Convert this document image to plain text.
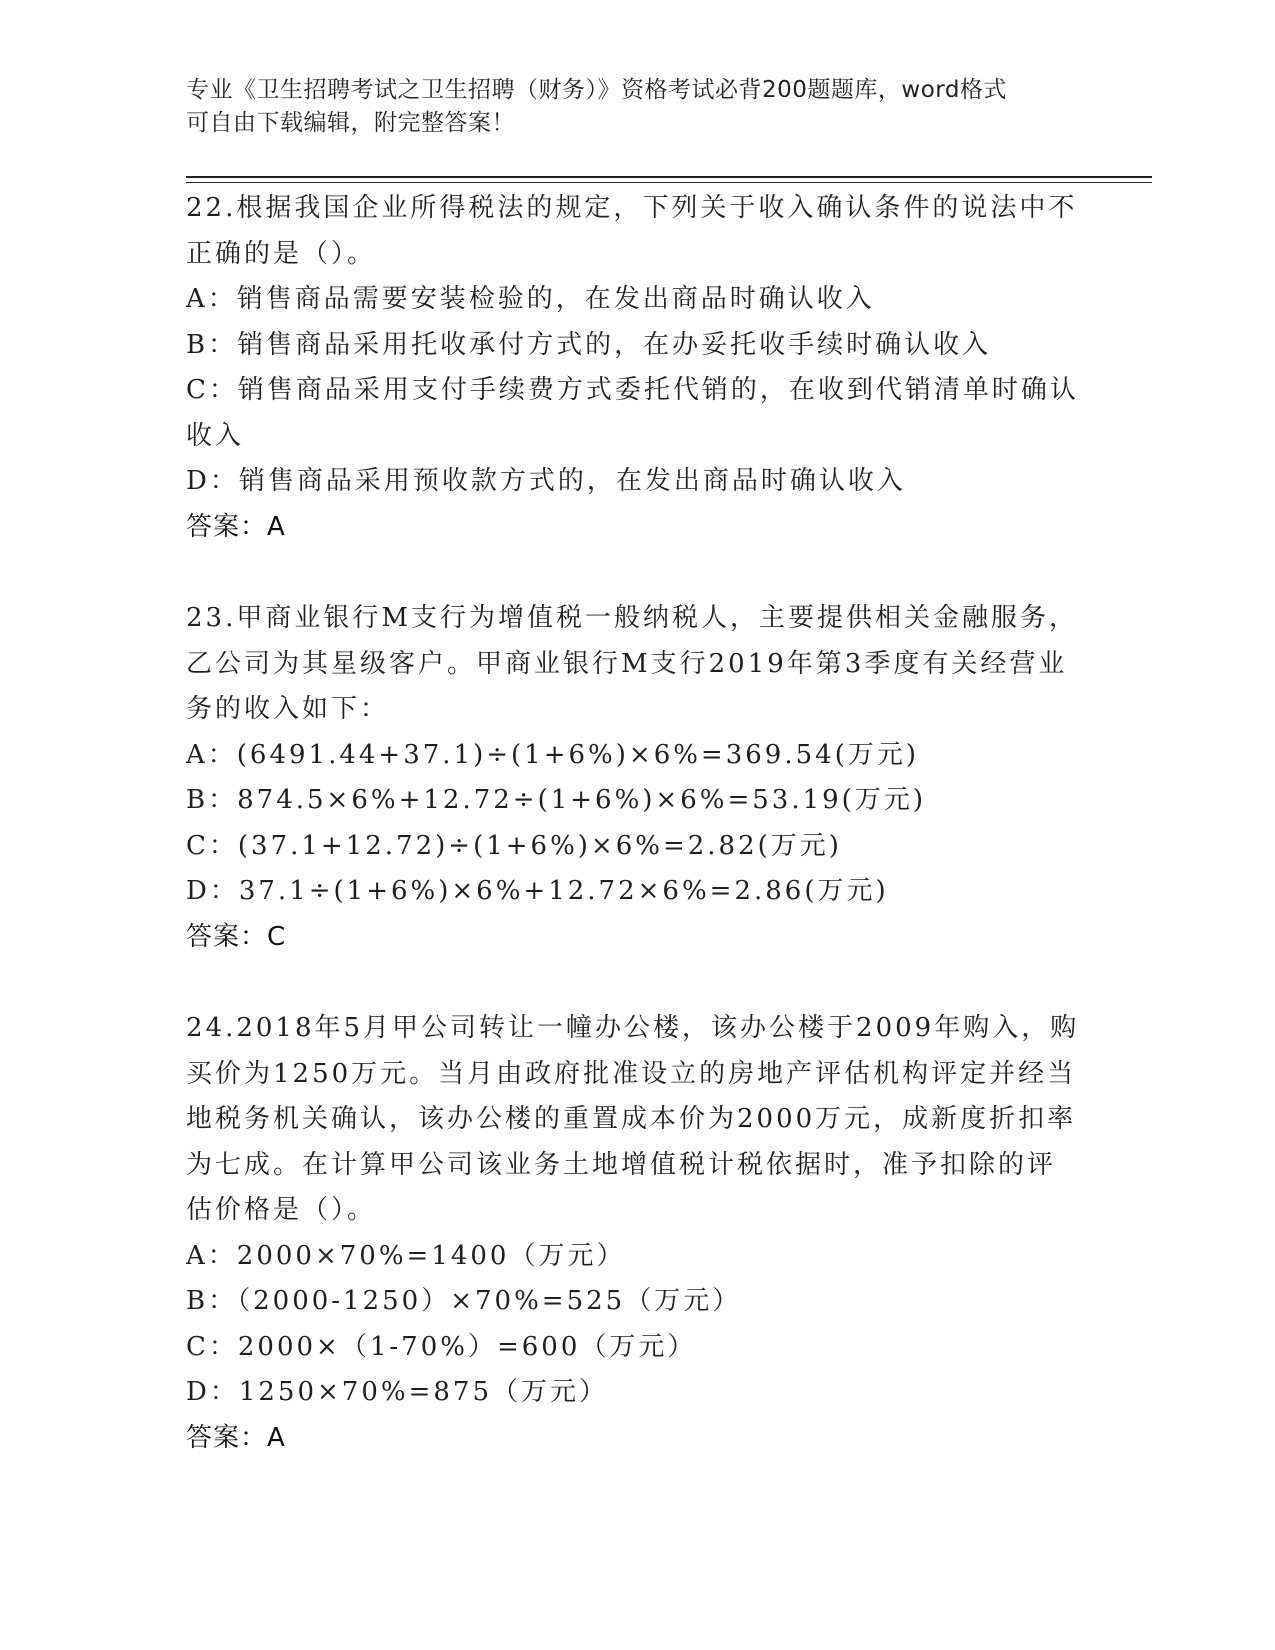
专业《卫生招聘考试之卫生招聘（财务）》资格考试必背200题题库，word格式
可自由下载编辑，附完整答案！
22.根据我国企业所得税法的规定，下列关于收入确认条件的说法中不
正确的是（）。
A：销售商品需要安装检验的，在发出商品时确认收入
B：销售商品采用托收承付方式的，在办妥托收手续时确认收入
C：销售商品采用支付手续费方式委托代销的，在收到代销清单时确认
收入
D：销售商品采用预收款方式的，在发出商品时确认收入
答案：A
23.甲商业银行M支行为增值税一般纳税人，主要提供相关金融服务，
乙公司为其星级客户。甲商业银行M支行2019年第3季度有关经营业
务的收入如下：
A：(6491.44+37.1)÷(1+6%)×6%=369.54(万元)
B：874.5×6%+12.72÷(1+6%)×6%=53.19(万元)
C：(37.1+12.72)÷(1+6%)×6%=2.82(万元)
D：37.1÷(1+6%)×6%+12.72×6%=2.86(万元)
答案：C
24.2018年5月甲公司转让一幢办公楼，该办公楼于2009年购入，购
买价为1250万元。当月由政府批准设立的房地产评估机构评定并经当
地税务机关确认，该办公楼的重置成本价为2000万元，成新度折扣率
为七成。在计算甲公司该业务土地增值税计税依据时，准予扣除的评
估价格是（）。
A：2000×70%=1400（万元）
B：（2000-1250）×70%=525（万元）
C：2000×（1-70%）=600（万元）
D：1250×70%=875（万元）
答案：A
